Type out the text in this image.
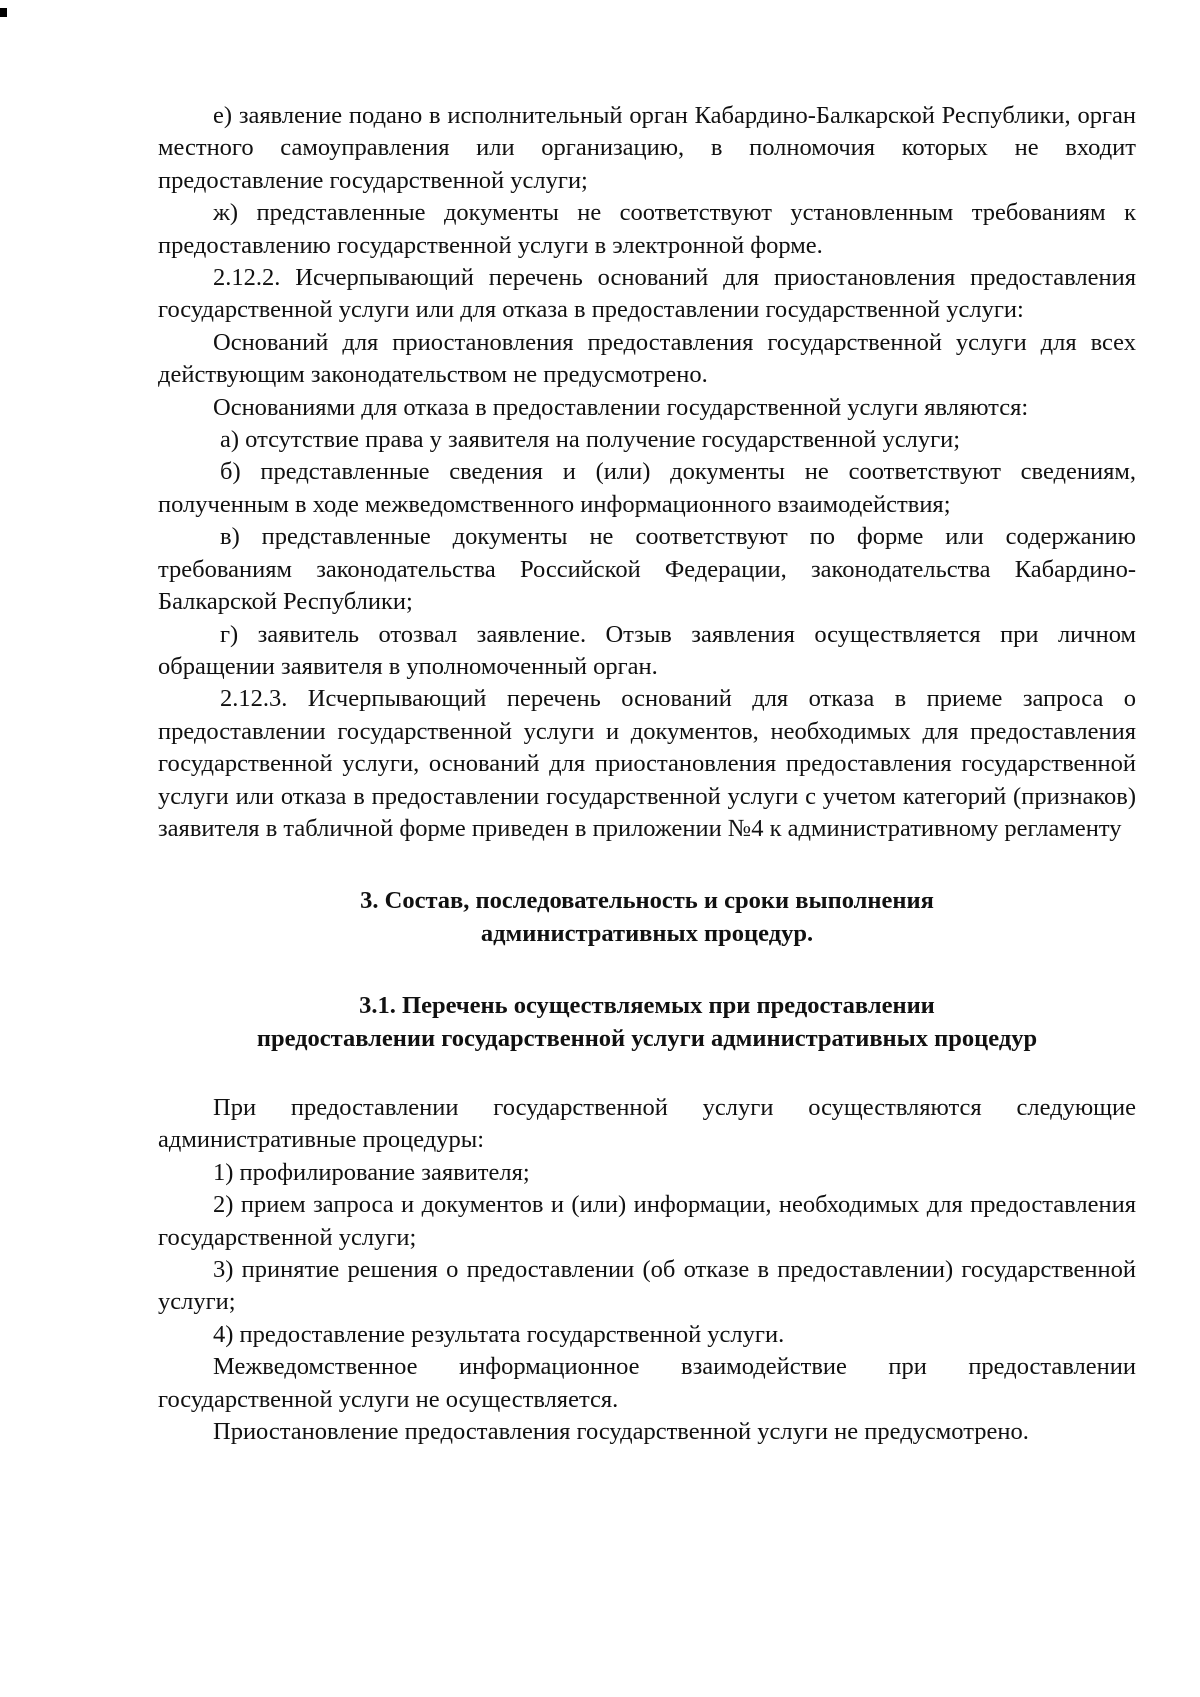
е) заявление подано в исполнительный орган Кабардино-Балкарской Республики, орган местного самоуправления или организацию, в полномочия которых не входит предоставление государственной услуги;

ж) представленные документы не соответствуют установленным требованиям к предоставлению государственной услуги в электронной форме.

2.12.2. Исчерпывающий перечень оснований для приостановления предоставления государственной услуги или для отказа в предоставлении государственной услуги:

Оснований для приостановления предоставления государственной услуги для всех действующим законодательством не предусмотрено.

Основаниями для отказа в предоставлении государственной услуги являются:

а) отсутствие права у заявителя на получение государственной услуги;

б) представленные сведения и (или) документы не соответствуют сведениям, полученным в ходе межведомственного информационного взаимодействия;

в) представленные документы не соответствуют по форме или содержанию требованиям законодательства Российской Федерации, законодательства Кабардино-Балкарской Республики;

г) заявитель отозвал заявление. Отзыв заявления осуществляется при личном обращении заявителя в уполномоченный орган.

2.12.3. Исчерпывающий перечень оснований для отказа в приеме запроса о предоставлении государственной услуги и документов, необходимых для предоставления государственной услуги, оснований для приостановления предоставления государственной услуги или отказа в предоставлении государственной услуги с учетом категорий (признаков) заявителя в табличной форме приведен в приложении №4 к административному регламенту

3. Состав, последовательность и сроки выполнения
административных процедур.
3.1. Перечень осуществляемых при предоставлении
предоставлении государственной услуги административных процедур

При предоставлении государственной услуги осуществляются следующие административные процедуры:

1) профилирование заявителя;

2) прием запроса и документов и (или) информации, необходимых для предоставления государственной услуги;

3) принятие решения о предоставлении (об отказе в предоставлении) государственной услуги;

4) предоставление результата государственной услуги.

Межведомственное информационное взаимодействие при предоставлении государственной услуги не осуществляется.

Приостановление предоставления государственной услуги не предусмотрено.
